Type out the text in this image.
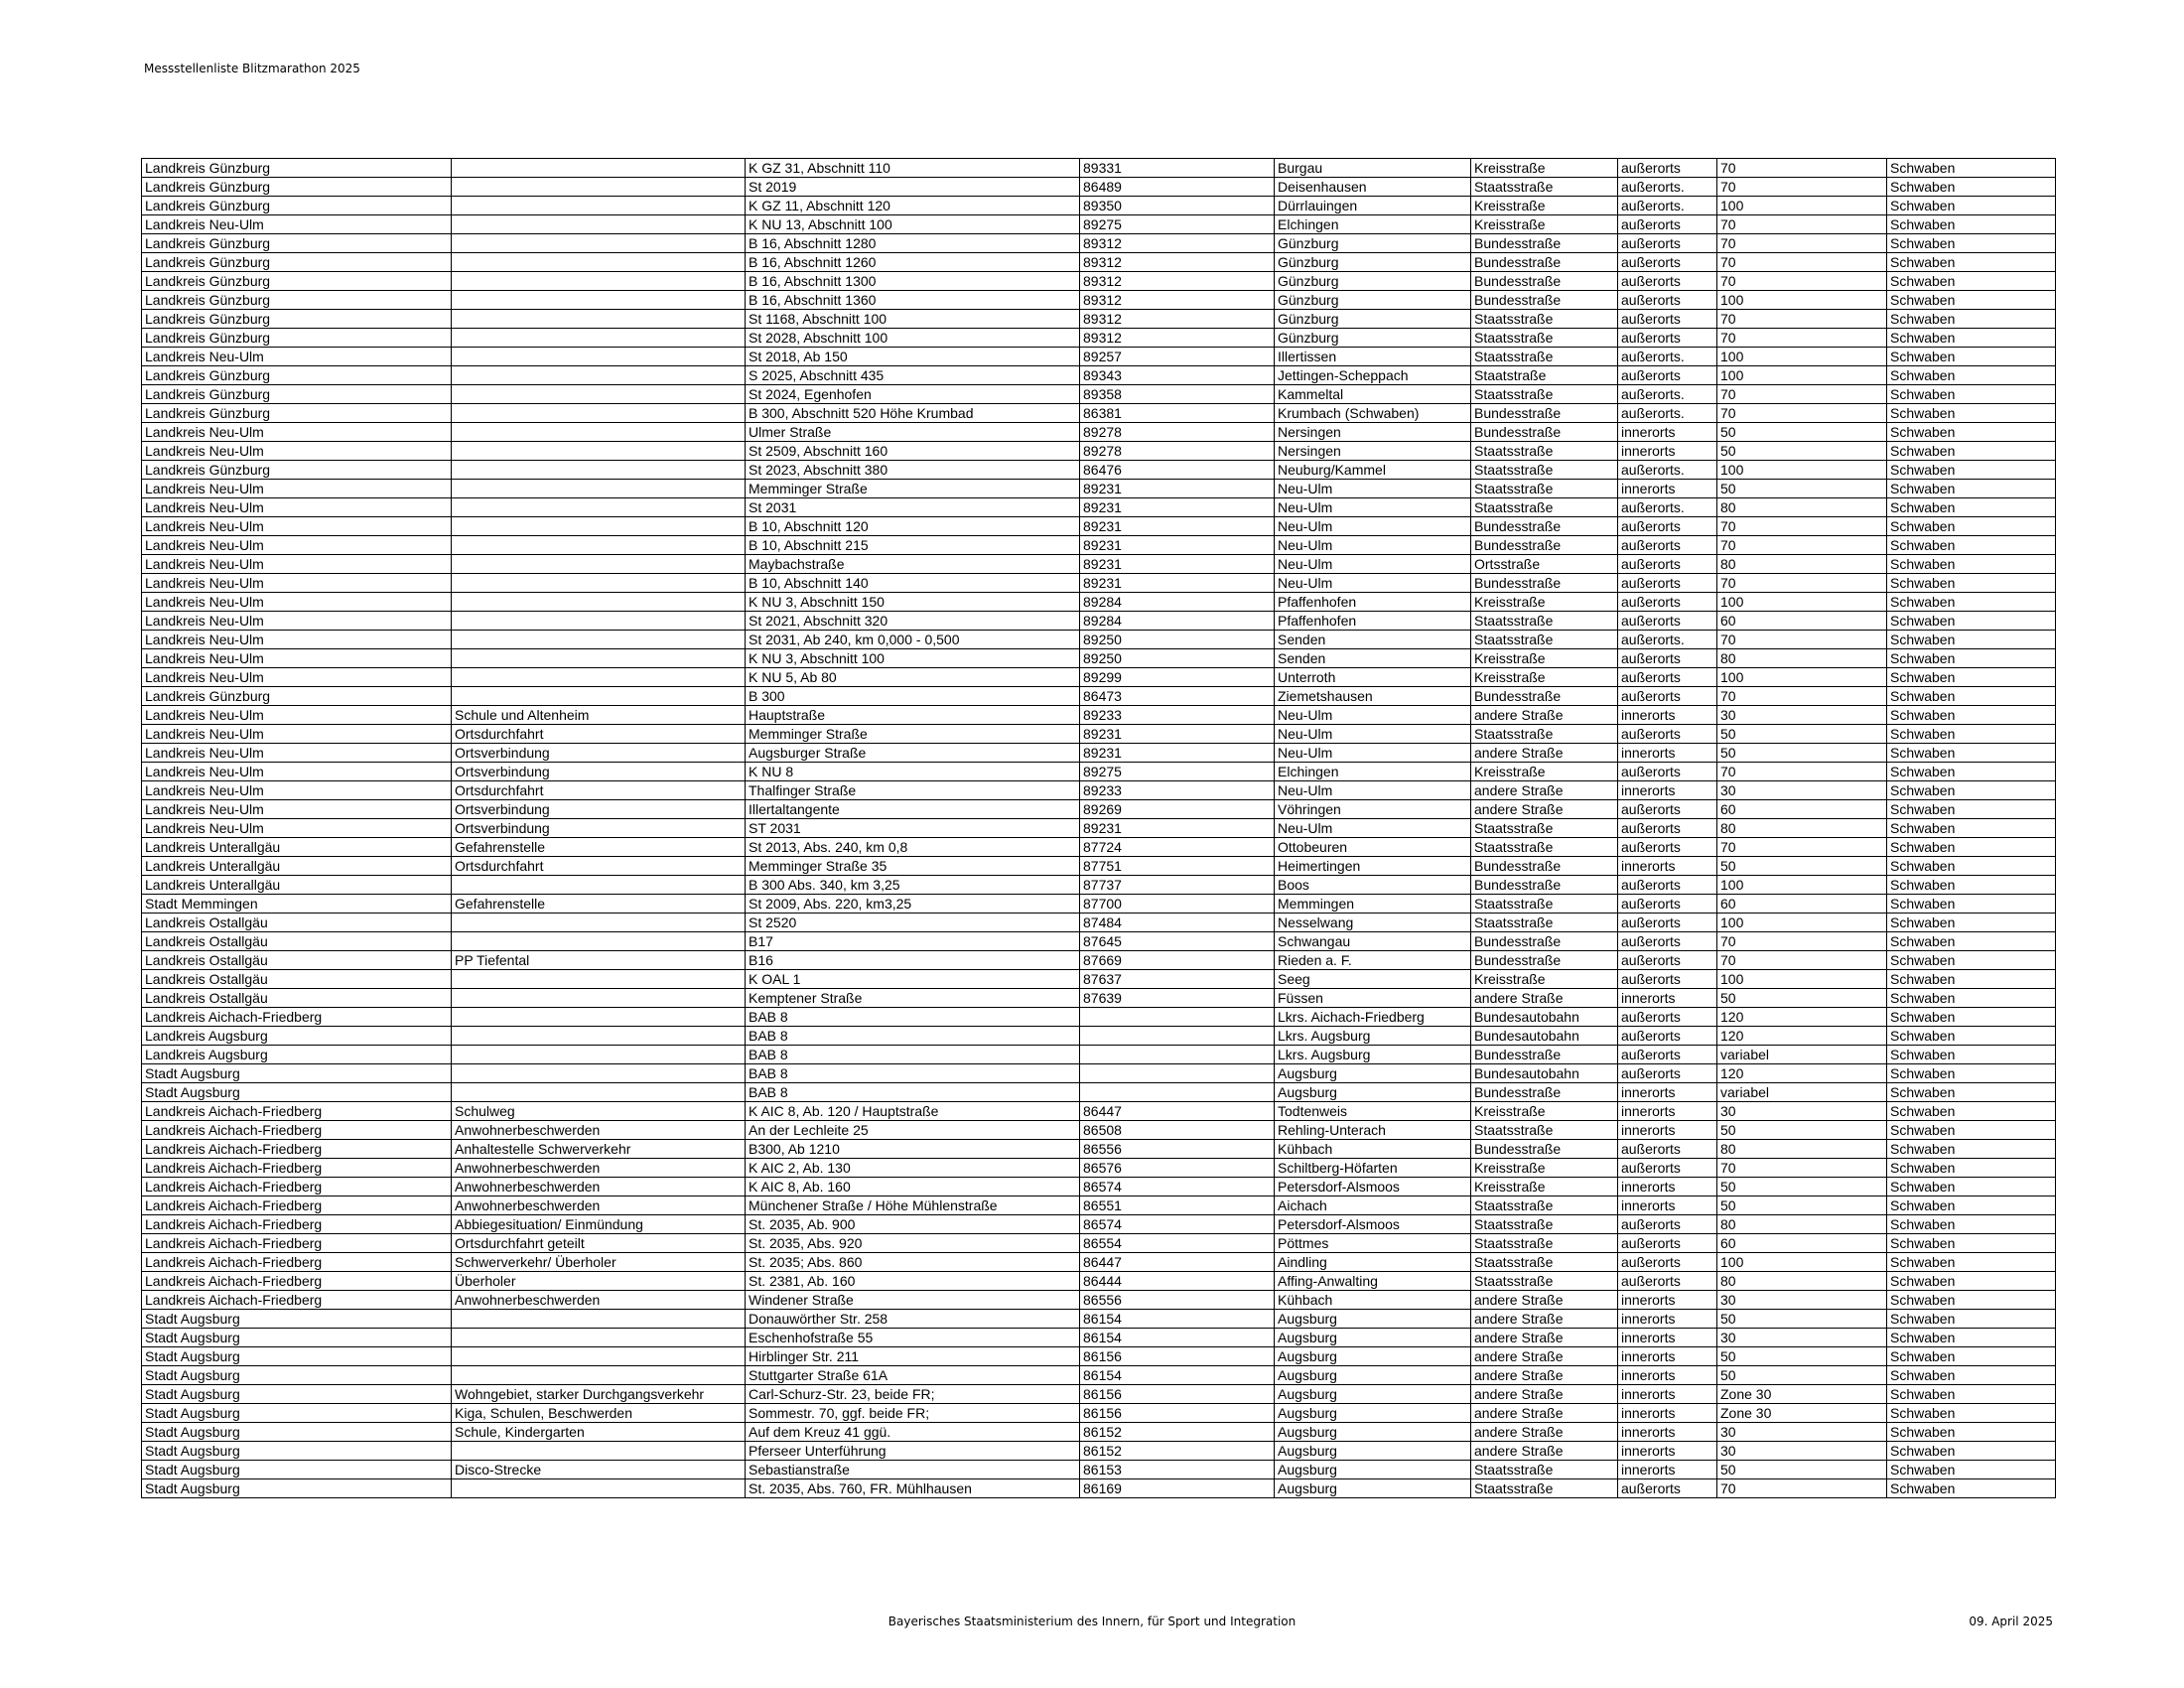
Messstellenliste Blitzmarathon 2025
Landkreis Günzburg		K GZ 31, Abschnitt 110	89331	Burgau	Kreisstraße	außerorts	70	Schwaben
Landkreis Günzburg		St 2019	86489	Deisenhausen	Staatsstraße	außerorts.	70	Schwaben
Landkreis Günzburg		K GZ 11, Abschnitt 120	89350	Dürrlauingen	Kreisstraße	außerorts.	100	Schwaben
Landkreis Neu-Ulm		K NU 13, Abschnitt 100	89275	Elchingen	Kreisstraße	außerorts	70	Schwaben
Landkreis Günzburg		B 16, Abschnitt 1280	89312	Günzburg	Bundesstraße	außerorts	70	Schwaben
Landkreis Günzburg		B 16, Abschnitt 1260	89312	Günzburg	Bundesstraße	außerorts	70	Schwaben
Landkreis Günzburg		B 16, Abschnitt 1300	89312	Günzburg	Bundesstraße	außerorts	70	Schwaben
Landkreis Günzburg		B 16, Abschnitt 1360	89312	Günzburg	Bundesstraße	außerorts	100	Schwaben
Landkreis Günzburg		St 1168, Abschnitt 100	89312	Günzburg	Staatsstraße	außerorts	70	Schwaben
Landkreis Günzburg		St 2028, Abschnitt 100	89312	Günzburg	Staatsstraße	außerorts	70	Schwaben
Landkreis Neu-Ulm		St 2018, Ab 150	89257	Illertissen	Staatsstraße	außerorts.	100	Schwaben
Landkreis Günzburg		S 2025, Abschnitt 435	89343	Jettingen-Scheppach	Staatstraße	außerorts	100	Schwaben
Landkreis Günzburg		St 2024, Egenhofen	89358	Kammeltal	Staatsstraße	außerorts.	70	Schwaben
Landkreis Günzburg		B 300, Abschnitt 520 Höhe Krumbad	86381	Krumbach (Schwaben)	Bundesstraße	außerorts.	70	Schwaben
Landkreis Neu-Ulm		Ulmer Straße	89278	Nersingen	Bundesstraße	innerorts	50	Schwaben
Landkreis Neu-Ulm		St 2509, Abschnitt 160	89278	Nersingen	Staatsstraße	innerorts	50	Schwaben
Landkreis Günzburg		St 2023, Abschnitt 380	86476	Neuburg/Kammel	Staatsstraße	außerorts.	100	Schwaben
Landkreis Neu-Ulm		Memminger Straße	89231	Neu-Ulm	Staatsstraße	innerorts	50	Schwaben
Landkreis Neu-Ulm		St 2031	89231	Neu-Ulm	Staatsstraße	außerorts.	80	Schwaben
Landkreis Neu-Ulm		B 10, Abschnitt 120	89231	Neu-Ulm	Bundesstraße	außerorts	70	Schwaben
Landkreis Neu-Ulm		B 10, Abschnitt 215	89231	Neu-Ulm	Bundesstraße	außerorts	70	Schwaben
Landkreis Neu-Ulm		Maybachstraße	89231	Neu-Ulm	Ortsstraße	außerorts	80	Schwaben
Landkreis Neu-Ulm		B 10, Abschnitt 140	89231	Neu-Ulm	Bundesstraße	außerorts	70	Schwaben
Landkreis Neu-Ulm		K NU 3, Abschnitt 150	89284	Pfaffenhofen	Kreisstraße	außerorts	100	Schwaben
Landkreis Neu-Ulm		St 2021, Abschnitt 320	89284	Pfaffenhofen	Staatsstraße	außerorts	60	Schwaben
Landkreis Neu-Ulm		St 2031, Ab 240, km 0,000 - 0,500	89250	Senden	Staatsstraße	außerorts.	70	Schwaben
Landkreis Neu-Ulm		K NU 3, Abschnitt 100	89250	Senden	Kreisstraße	außerorts	80	Schwaben
Landkreis Neu-Ulm		K NU 5, Ab 80	89299	Unterroth	Kreisstraße	außerorts	100	Schwaben
Landkreis Günzburg		B 300	86473	Ziemetshausen	Bundesstraße	außerorts	70	Schwaben
Landkreis Neu-Ulm	Schule und Altenheim	Hauptstraße	89233	Neu-Ulm	andere Straße	innerorts	30	Schwaben
Landkreis Neu-Ulm	Ortsdurchfahrt	Memminger Straße	89231	Neu-Ulm	Staatsstraße	außerorts	50	Schwaben
Landkreis Neu-Ulm	Ortsverbindung	Augsburger Straße	89231	Neu-Ulm	andere Straße	innerorts	50	Schwaben
Landkreis Neu-Ulm	Ortsverbindung	K NU 8	89275	Elchingen	Kreisstraße	außerorts	70	Schwaben
Landkreis Neu-Ulm	Ortsdurchfahrt	Thalfinger Straße	89233	Neu-Ulm	andere Straße	innerorts	30	Schwaben
Landkreis Neu-Ulm	Ortsverbindung	Illertaltangente	89269	Vöhringen	andere Straße	außerorts	60	Schwaben
Landkreis Neu-Ulm	Ortsverbindung	ST 2031	89231	Neu-Ulm	Staatsstraße	außerorts	80	Schwaben
Landkreis Unterallgäu	Gefahrenstelle	St 2013, Abs. 240, km 0,8	87724	Ottobeuren	Staatsstraße	außerorts	70	Schwaben
Landkreis Unterallgäu	Ortsdurchfahrt	Memminger Straße 35	87751	Heimertingen	Bundesstraße	innerorts	50	Schwaben
Landkreis Unterallgäu		B 300 Abs. 340, km 3,25	87737	Boos	Bundesstraße	außerorts	100	Schwaben
Stadt Memmingen	Gefahrenstelle	St 2009, Abs. 220, km3,25	87700	Memmingen	Staatsstraße	außerorts	60	Schwaben
Landkreis Ostallgäu		St 2520	87484	Nesselwang	Staatsstraße	außerorts	100	Schwaben
Landkreis Ostallgäu		B17	87645	Schwangau	Bundesstraße	außerorts	70	Schwaben
Landkreis Ostallgäu	PP Tiefental	B16	87669	Rieden a. F.	Bundesstraße	außerorts	70	Schwaben
Landkreis Ostallgäu		K OAL 1	87637	Seeg	Kreisstraße	außerorts	100	Schwaben
Landkreis Ostallgäu		Kemptener Straße	87639	Füssen	andere Straße	innerorts	50	Schwaben
Landkreis Aichach-Friedberg		BAB 8		Lkrs. Aichach-Friedberg	Bundesautobahn	außerorts	120	Schwaben
Landkreis Augsburg		BAB 8		Lkrs. Augsburg	Bundesautobahn	außerorts	120	Schwaben
Landkreis Augsburg		BAB 8		Lkrs. Augsburg	Bundesstraße	außerorts	variabel	Schwaben
Stadt Augsburg		BAB 8		Augsburg	Bundesautobahn	außerorts	120	Schwaben
Stadt Augsburg		BAB 8		Augsburg	Bundesstraße	innerorts	variabel	Schwaben
Landkreis Aichach-Friedberg	Schulweg	K AIC 8, Ab. 120 / Hauptstraße	86447	Todtenweis	Kreisstraße	innerorts	30	Schwaben
Landkreis Aichach-Friedberg	Anwohnerbeschwerden	An der Lechleite 25	86508	Rehling-Unterach	Staatsstraße	innerorts	50	Schwaben
Landkreis Aichach-Friedberg	Anhaltestelle Schwerverkehr	B300, Ab 1210	86556	Kühbach	Bundesstraße	außerorts	80	Schwaben
Landkreis Aichach-Friedberg	Anwohnerbeschwerden	K AIC 2, Ab. 130	86576	Schiltberg-Höfarten	Kreisstraße	außerorts	70	Schwaben
Landkreis Aichach-Friedberg	Anwohnerbeschwerden	K AIC 8, Ab. 160	86574	Petersdorf-Alsmoos	Kreisstraße	innerorts	50	Schwaben
Landkreis Aichach-Friedberg	Anwohnerbeschwerden	Münchener Straße / Höhe Mühlenstraße	86551	Aichach	Staatsstraße	innerorts	50	Schwaben
Landkreis Aichach-Friedberg	Abbiegesituation/ Einmündung	St. 2035, Ab. 900	86574	Petersdorf-Alsmoos	Staatsstraße	außerorts	80	Schwaben
Landkreis Aichach-Friedberg	Ortsdurchfahrt geteilt	St. 2035, Abs. 920	86554	Pöttmes	Staatsstraße	außerorts	60	Schwaben
Landkreis Aichach-Friedberg	Schwerverkehr/ Überholer	St. 2035; Abs. 860	86447	Aindling	Staatsstraße	außerorts	100	Schwaben
Landkreis Aichach-Friedberg	Überholer	St. 2381, Ab. 160	86444	Affing-Anwalting	Staatsstraße	außerorts	80	Schwaben
Landkreis Aichach-Friedberg	Anwohnerbeschwerden	Windener Straße	86556	Kühbach	andere Straße	innerorts	30	Schwaben
Stadt Augsburg		Donauwörther Str. 258	86154	Augsburg	andere Straße	innerorts	50	Schwaben
Stadt Augsburg		Eschenhofstraße 55	86154	Augsburg	andere Straße	innerorts	30	Schwaben
Stadt Augsburg		Hirblinger Str. 211	86156	Augsburg	andere Straße	innerorts	50	Schwaben
Stadt Augsburg		Stuttgarter Straße 61A	86154	Augsburg	andere Straße	innerorts	50	Schwaben
Stadt Augsburg	Wohngebiet, starker Durchgangsverkehr	Carl-Schurz-Str. 23, beide FR;	86156	Augsburg	andere Straße	innerorts	Zone 30	Schwaben
Stadt Augsburg	Kiga, Schulen, Beschwerden	Sommestr. 70, ggf. beide FR;	86156	Augsburg	andere Straße	innerorts	Zone 30	Schwaben
Stadt Augsburg	Schule, Kindergarten	Auf dem Kreuz 41 ggü.	86152	Augsburg	andere Straße	innerorts	30	Schwaben
Stadt Augsburg		Pferseer Unterführung	86152	Augsburg	andere Straße	innerorts	30	Schwaben
Stadt Augsburg	Disco-Strecke	Sebastianstraße	86153	Augsburg	Staatsstraße	innerorts	50	Schwaben
Stadt Augsburg		St. 2035, Abs. 760, FR. Mühlhausen	86169	Augsburg	Staatsstraße	außerorts	70	Schwaben
Bayerisches Staatsministerium des Innern, für Sport und Integration	09. April 2025
